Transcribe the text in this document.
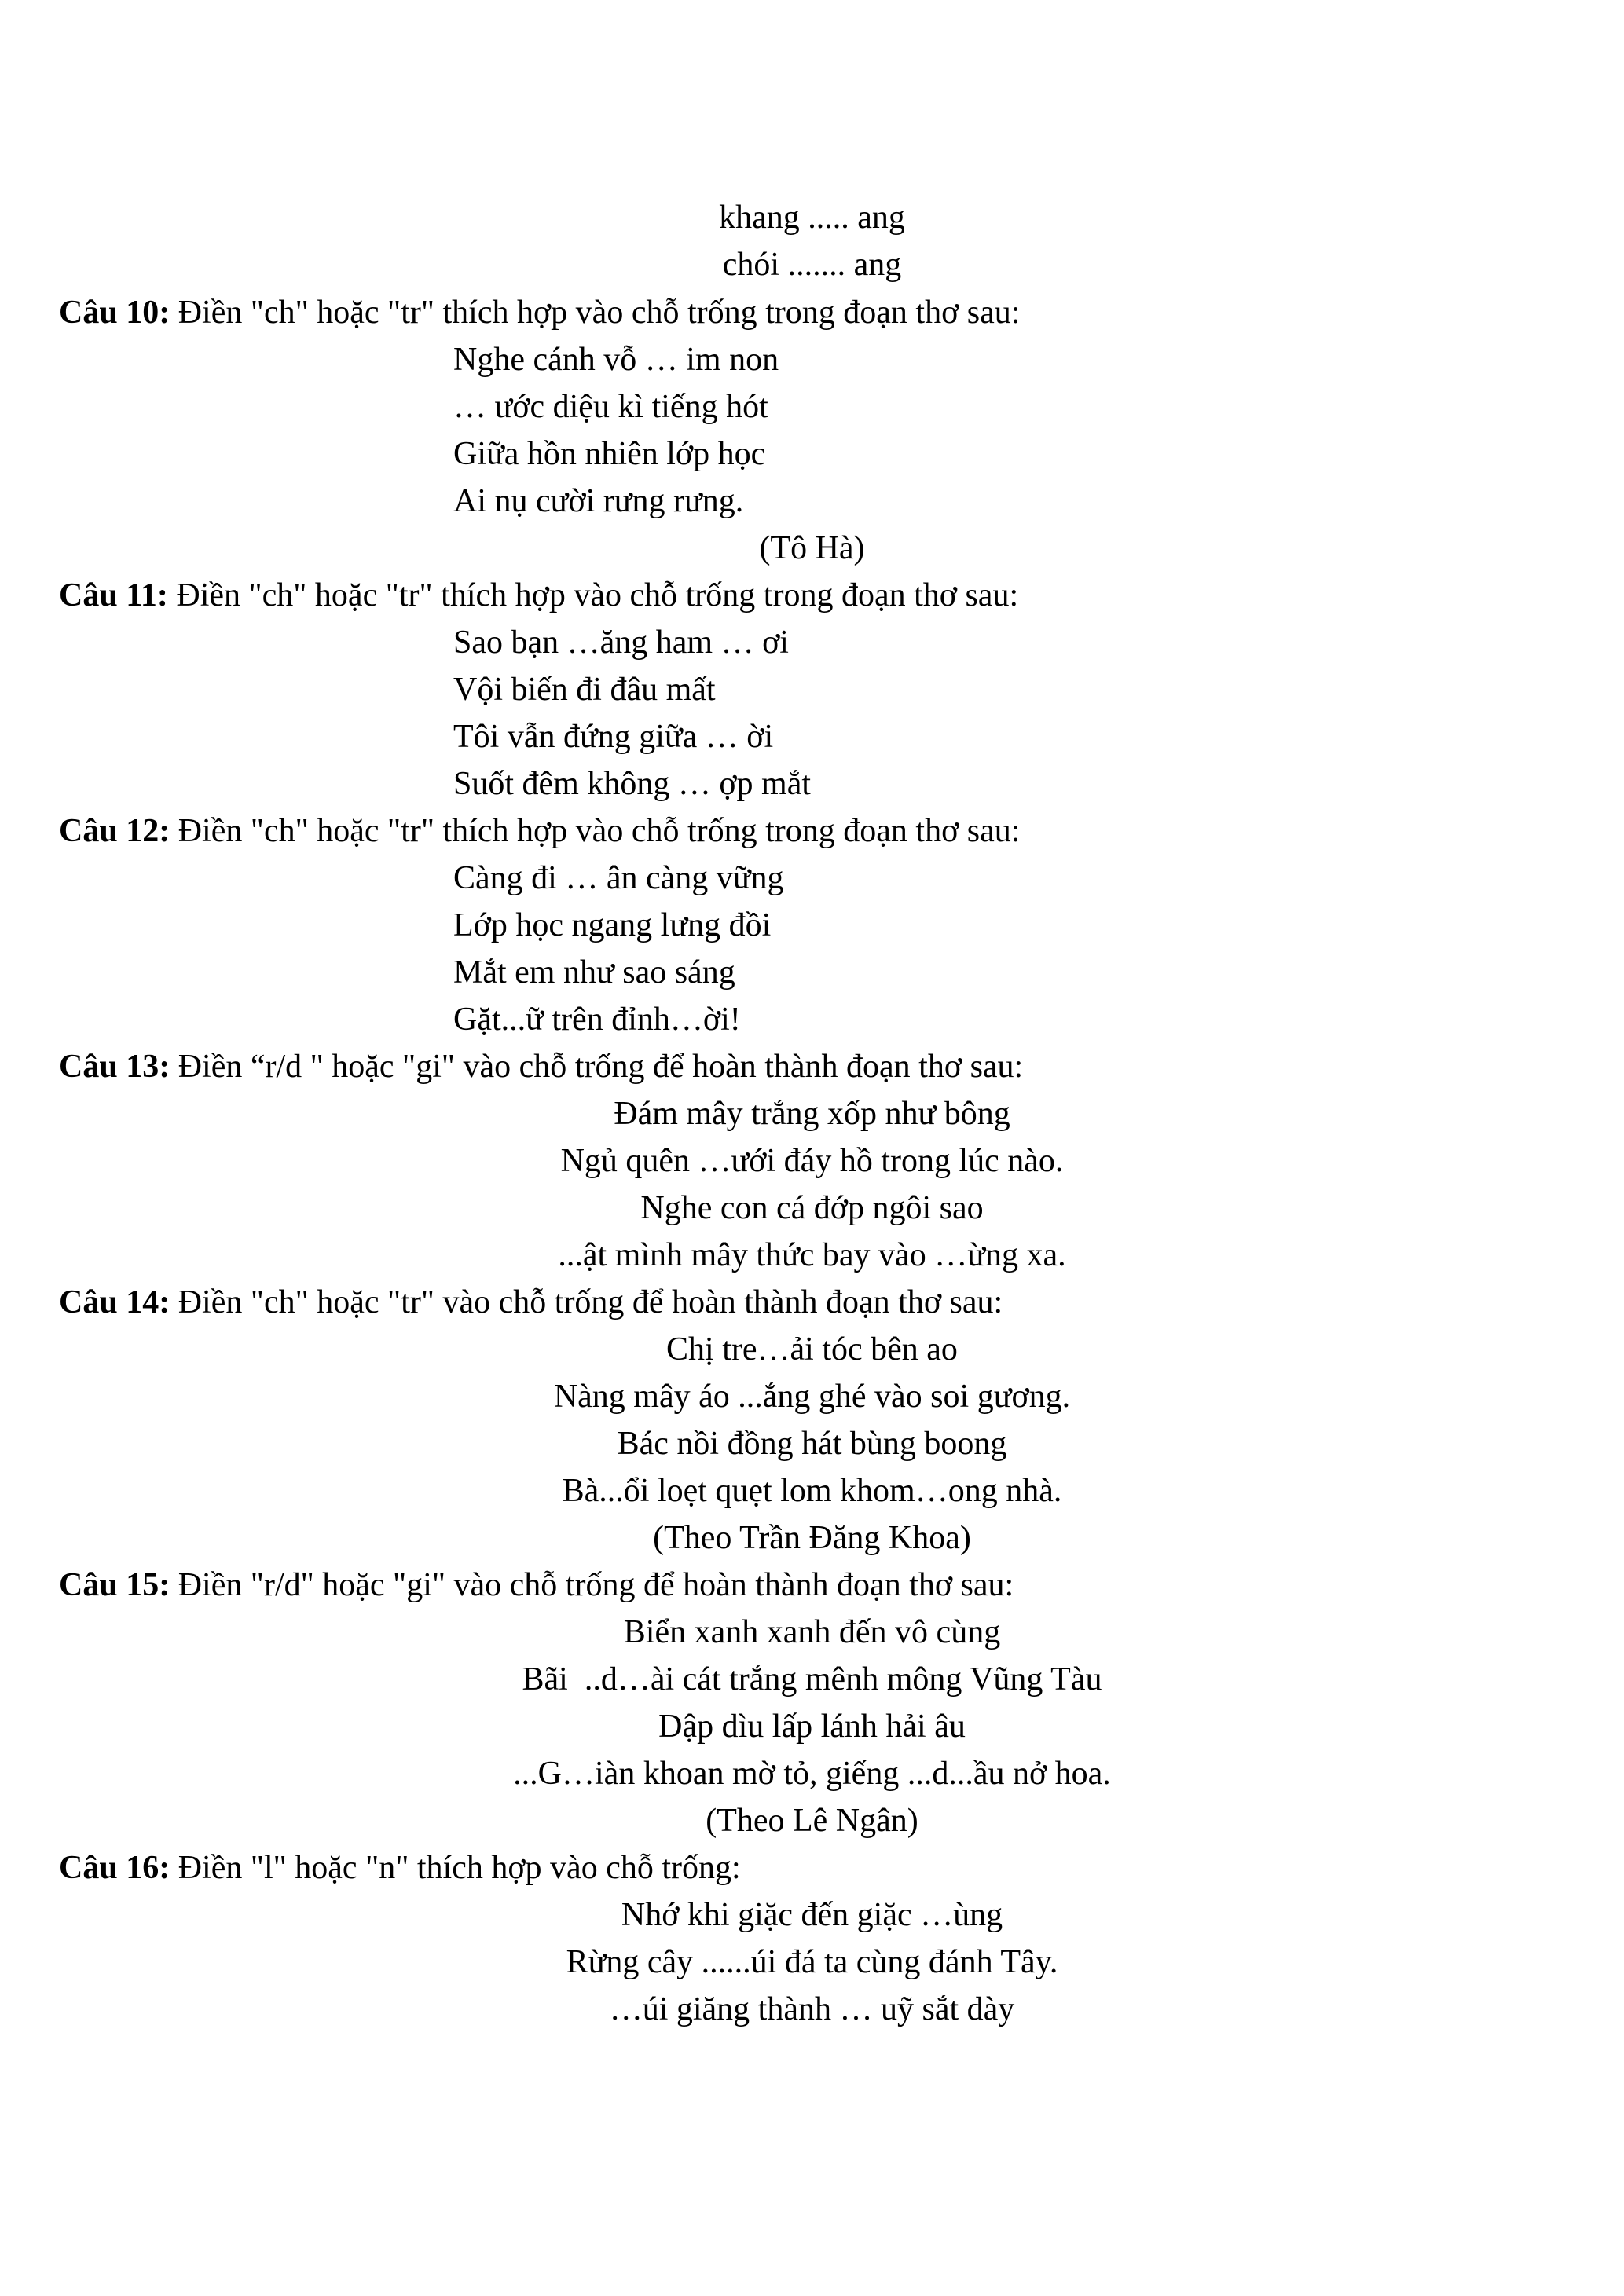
khang ..... ang
chói ....... ang
Câu 10: Điền "ch" hoặc "tr" thích hợp vào chỗ trống trong đoạn thơ sau:
Nghe cánh vỗ … im non
… ước diệu kì tiếng hót
Giữa hồn nhiên lớp học
Ai nụ cười rưng rưng.
(Tô Hà)
Câu 11: Điền "ch" hoặc "tr" thích hợp vào chỗ trống trong đoạn thơ sau:
Sao bạn …ăng ham … ơi
Vội biến đi đâu mất
Tôi vẫn đứng giữa … ời
Suốt đêm không … ợp mắt
Câu 12: Điền "ch" hoặc "tr" thích hợp vào chỗ trống trong đoạn thơ sau:
Càng đi … ân càng vững
Lớp học ngang lưng đồi
Mắt em như sao sáng
Gặt...ữ trên đỉnh…ời!
Câu 13: Điền “r/d " hoặc "gi" vào chỗ trống để hoàn thành đoạn thơ sau:
Đám mây trắng xốp như bông
Ngủ quên …ưới đáy hồ trong lúc nào.
Nghe con cá đớp ngôi sao
...ật mình mây thức bay vào …ừng xa.
Câu 14: Điền "ch" hoặc "tr" vào chỗ trống để hoàn thành đoạn thơ sau:
Chị tre…ải tóc bên ao
Nàng mây áo ...ắng ghé vào soi gương.
Bác nồi đồng hát bùng boong
Bà...ổi loẹt quẹt lom khom…ong nhà.
(Theo Trần Đăng Khoa)
Câu 15: Điền "r/d" hoặc "gi" vào chỗ trống để hoàn thành đoạn thơ sau:
Biển xanh xanh đến vô cùng
Bãi  ..d…ài cát trắng mênh mông Vũng Tàu
Dập dìu lấp lánh hải âu
...G…iàn khoan mờ tỏ, giếng ...d...ầu nở hoa.
(Theo Lê Ngân)
Câu 16: Điền "l" hoặc "n" thích hợp vào chỗ trống:
Nhớ khi giặc đến giặc …ùng
Rừng cây ......úi đá ta cùng đánh Tây.
…úi giăng thành … uỹ sắt dày
